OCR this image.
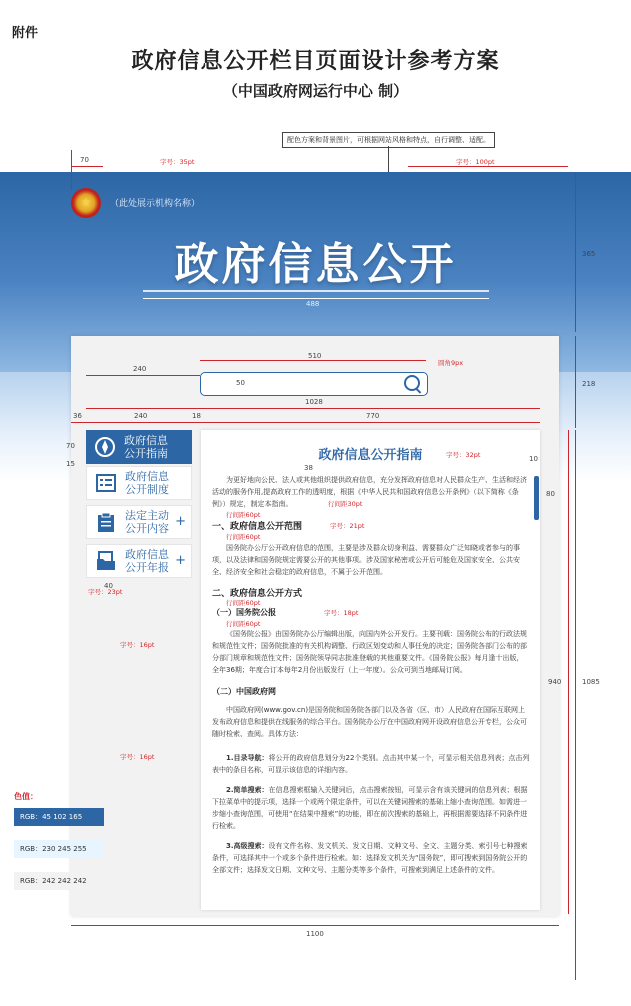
附件
政府信息公开栏目页面设计参考方案
（中国政府网运行中心 制）
配色方案和背景图片，可根据网站风格和特点，自行调整、适配。
（此处展示机构名称）
政府信息公开
70	字号：35pt	字号：100pt
365
488
510
圆角9px
240
50	218
1028
36	240	18	770
70
15
政府信息
公开指南
政府信息
公开制度
法定主动
公开内容 +
政府信息
公开年报 +
40
字号：23pt
10
80
政府信息公开指南	字号：32pt
38
为更好地向公民、法人或其他组织提供政府信息，充分发挥政府信息对人民群众生产、生活和经济活动的服务作用,提高政府工作的透明度，根据《中华人民共和国政府信息公开条例》（以下简称《条例》）规定，制定本指南。	行间距30pt
行间距60pt
一、政府信息公开范围	字号：21pt
行间距60pt
国务院办公厅公开政府信息的范围，主要是涉及群众切身利益、需要群众广泛知晓或者参与的事项，以及法律和国务院规定需要公开的其他事项。涉及国家秘密或公开后可能危及国家安全、公共安全、经济安全和社会稳定的政府信息，不属于公开范围。
二、政府信息公开方式
行间距60pt
（一）国务院公报	字号：18pt
行间距60pt
《国务院公报》由国务院办公厅编辑出版，向国内外公开发行。主要刊载：国务院公布的行政法规和规范性文件；国务院批准的有关机构调整、行政区划变动和人事任免的决定；国务院各部门公布的部分部门规章和规范性文件；国务院领导同志批准登载的其他重要文件。《国务院公报》每月逢十出版，全年36期；年度合订本每年2月份出版发行（上一年度）。公众可到当地邮局订阅。
字号：16pt
（二）中国政府网
中国政府网(www.gov.cn)是国务院和国务院各部门以及各省（区、市）人民政府在国际互联网上发布政府信息和提供在线服务的综合平台。国务院办公厅在中国政府网开设政府信息公开专栏，公众可随时检索、查阅。具体方法：
1.目录导航：将公开的政府信息划分为22个类别。点击其中某一个，可显示相关信息列表；点击列表中的条目名称，可显示该信息的详细内容。
字号：16pt
2.简单搜索：在信息搜索框输入关键词后，点击搜索按钮，可显示含有该关键词的信息列表；根据下拉菜单中的提示项，选择一个或两个限定条件，可以在关键词搜索的基础上缩小查询范围。如需进一步缩小查询范围，可使用“在结果中搜索”的功能，即在前次搜索的基础上，再根据需要选择不同条件进行检索。
3.高级搜索：设有文件名称、发文机关、发文日期、文种文号、全文、主题分类、索引号七种搜索条件，可选择其中一个或多个条件进行检索。如：选择发文机关为“国务院”，即可搜索到国务院公开的全部文件；选择发文日期、文种文号、主题分类等多个条件，可搜索到满足上述条件的文件。
940	1085
1100
色值：
RGB：45 102 165
RGB：230 245 255
RGB：242 242 242
